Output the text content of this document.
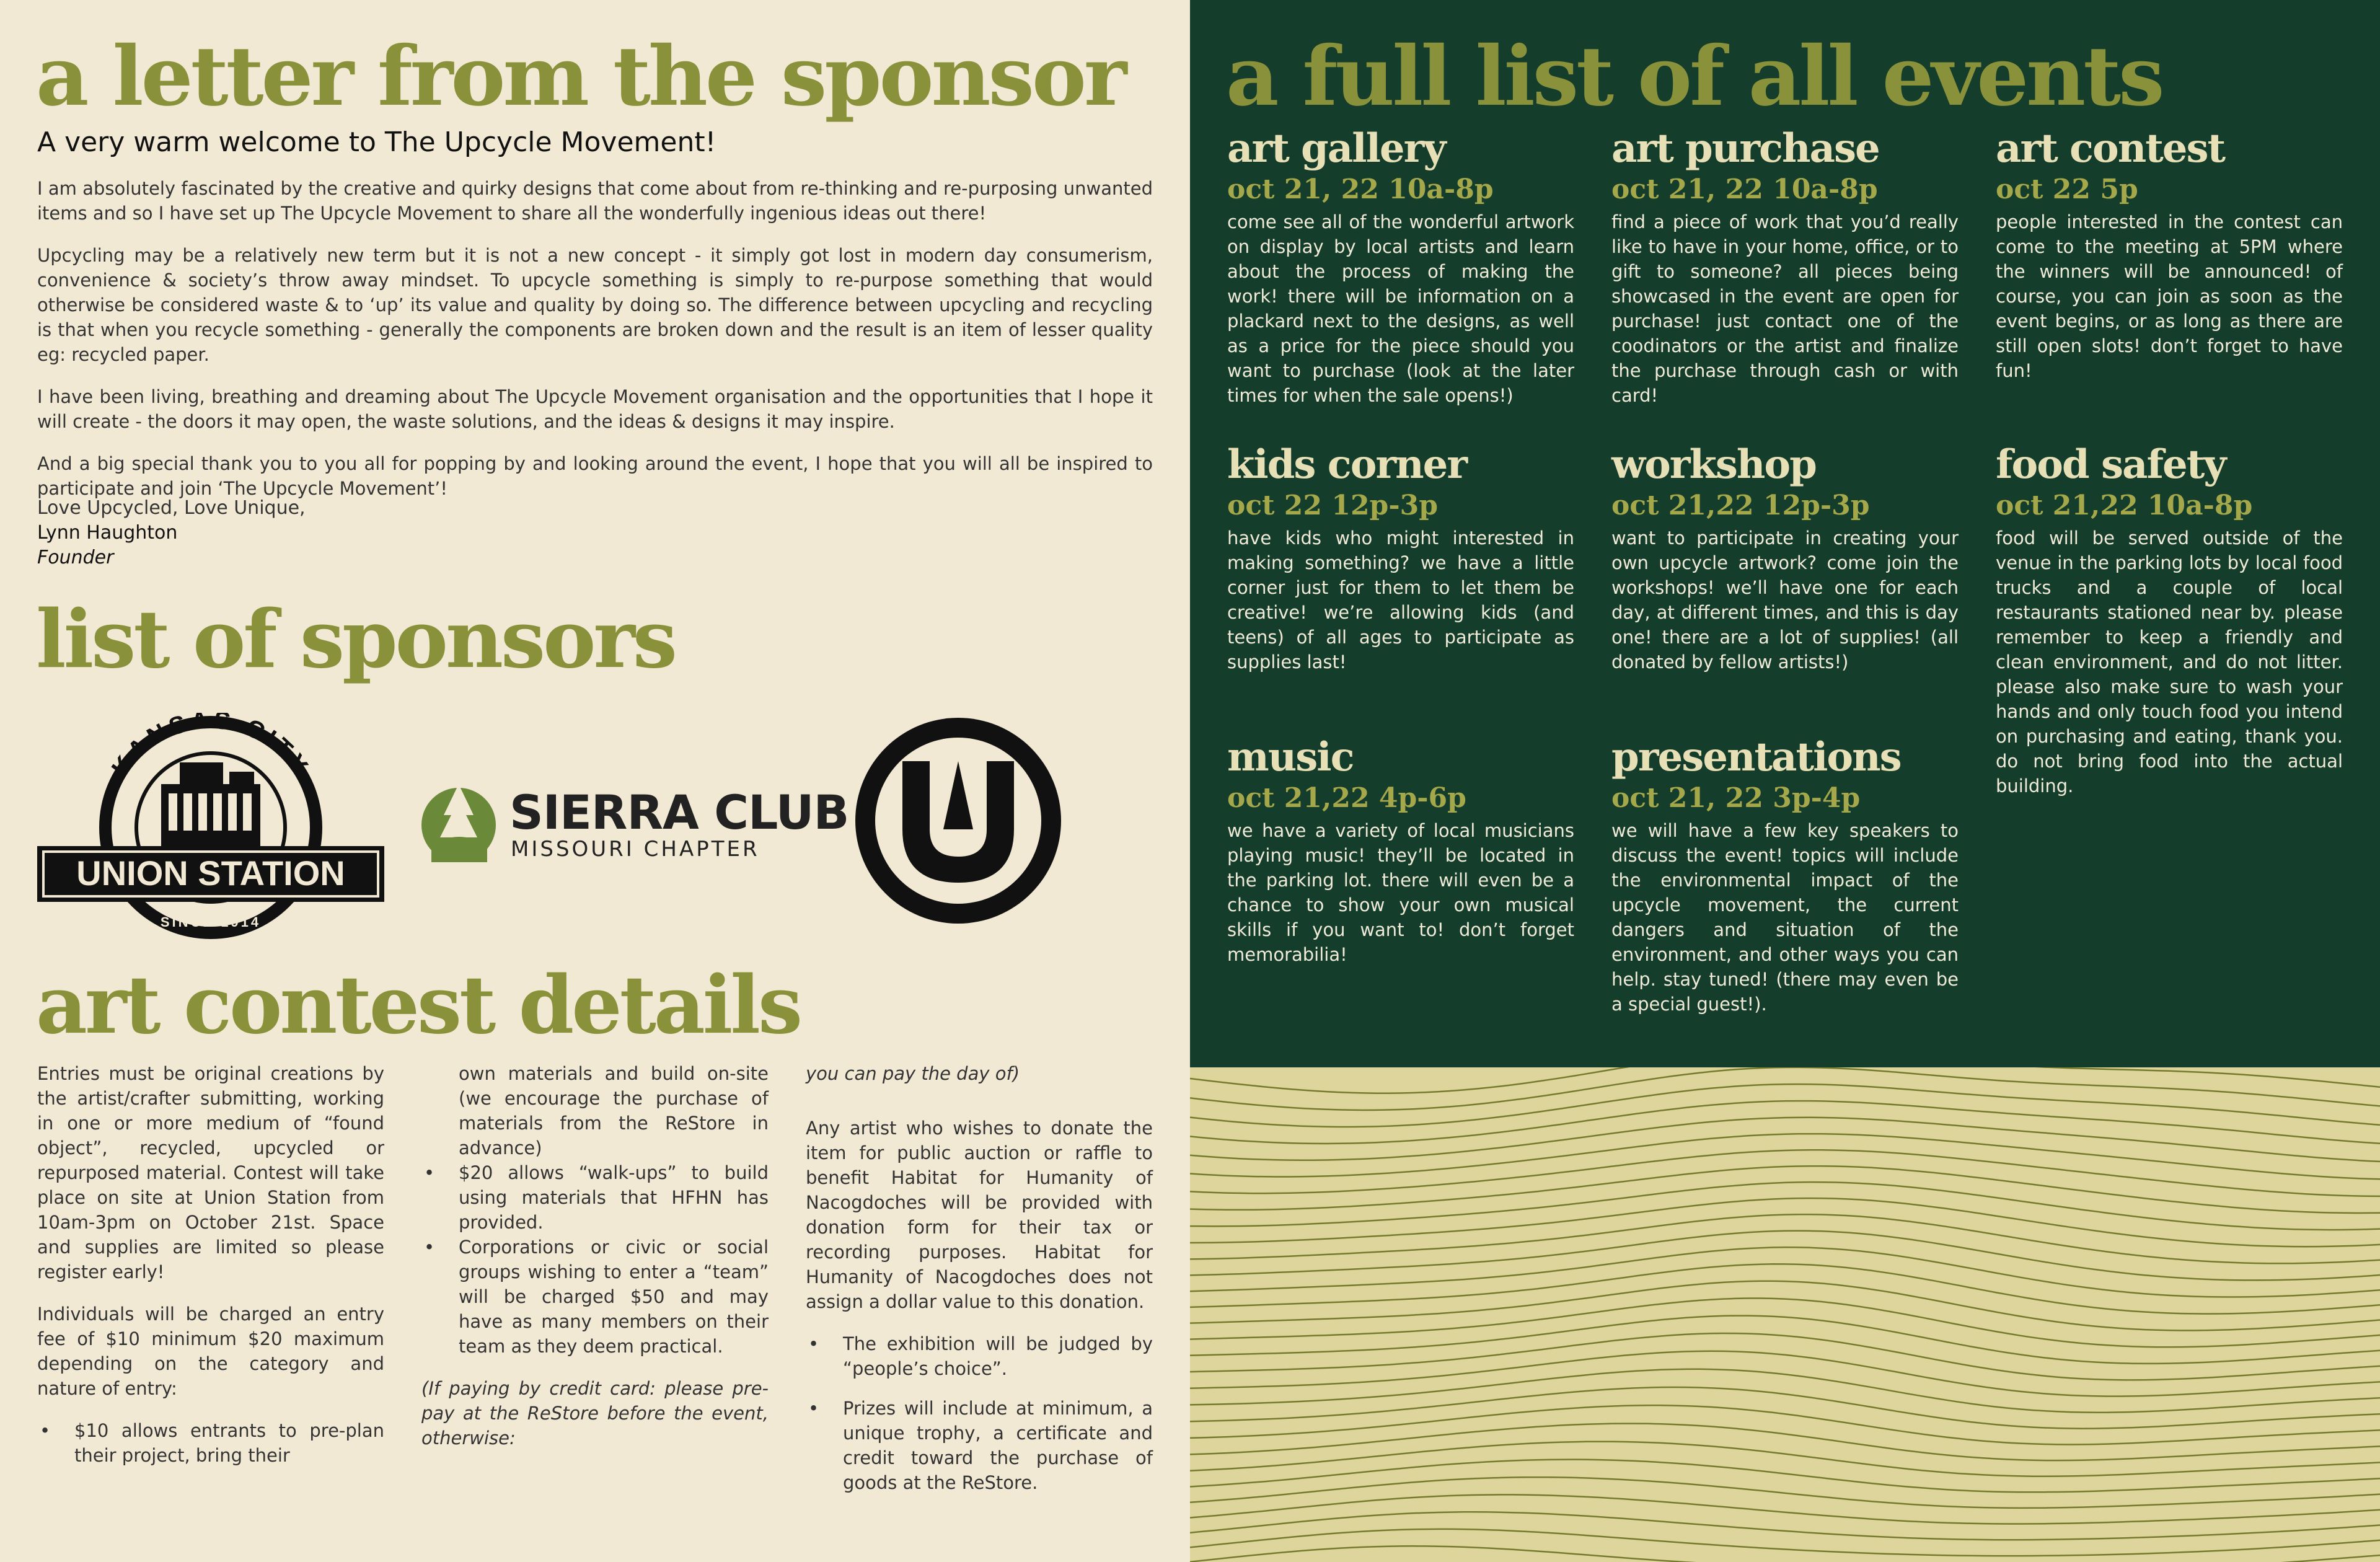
a letter from the sponsor
A very warm welcome to The Upcycle Movement!

I am absolutely fascinated by the creative and quirky designs that come about from re-thinking and re-purposing unwanted items and so I have set up The Upcycle Movement to share all the wonderfully ingenious ideas out there!

Upcycling may be a relatively new term but it is not a new concept - it simply got lost in modern day consumerism, convenience & society’s throw away mindset. To upcycle something is simply to re-purpose something that would otherwise be considered waste & to ‘up’ its value and quality by doing so. The difference between upcycling and recycling is that when you recycle something - generally the components are broken down and the result is an item of lesser quality eg: recycled paper.

I have been living, breathing and dreaming about The Upcycle Movement organisation and the opportunities that I hope it will create - the doors it may open, the waste solutions, and the ideas & designs it may inspire.

And a big special thank you to you all for popping by and looking around the event, I hope that you will all be inspired to participate and join ‘The Upcycle Movement’!

Love Upcycled, Love Unique,
Lynn Haughton
Founder
list of sponsors
KANSAS CITY
UNION STATION
SINCE 1914
SIERRA CLUB
MISSOURI CHAPTER
art contest details

Entries must be original creations by the artist/crafter submitting, working in one or more medium of “found object”, recycled, upcycled or repurposed material. Contest will take place on site at Union Station from 10am-3pm on October 21st. Space and supplies are limited so please register early!

Individuals will be charged an entry fee of $10 minimum $20 maximum depending on the category and nature of entry:

• $10 allows entrants to pre-plan their project, bring their
own materials and build on-site (we encourage the purchase of materials from the ReStore in advance)
• $20 allows “walk-ups” to build using materials that HFHN has provided.
• Corporations or civic or social groups wishing to enter a “team” will be charged $50 and may have as many members on their team as they deem practical.

(If paying by credit card: please pre-pay at the ReStore before the event, otherwise:

you can pay the day of)

Any artist who wishes to donate the item for public auction or raffle to benefit Habitat for Humanity of Nacogdoches will be provided with donation form for their tax or recording purposes. Habitat for Humanity of Nacogdoches does not assign a dollar value to this donation.

• The exhibition will be judged by “people’s choice”.
• Prizes will include at minimum, a unique trophy, a certificate and credit toward the purchase of goods at the ReStore.
a full list of all events
art gallery
oct 21, 22 10a-8p

come see all of the wonderful artwork on display by local artists and learn about the process of making the work! there will be information on a plackard next to the designs, as well as a price for the piece should you want to purchase (look at the later times for when the sale opens!)

art purchase
oct 21, 22 10a-8p

find a piece of work that you’d really like to have in your home, office, or to gift to someone? all pieces being showcased in the event are open for purchase! just contact one of the coodinators or the artist and finalize the purchase through cash or with card!

art contest
oct 22 5p

people interested in the contest can come to the meeting at 5PM where the winners will be announced! of course, you can join as soon as the event begins, or as long as there are still open slots! don’t forget to have fun!

kids corner
oct 22 12p-3p

have kids who might interested in making something? we have a little corner just for them to let them be creative! we’re allowing kids (and teens) of all ages to participate as supplies last!

workshop
oct 21,22 12p-3p

want to participate in creating your own upcycle artwork? come join the workshops! we’ll have one for each day, at different times, and this is day one! there are a lot of supplies! (all donated by fellow artists!)

food safety
oct 21,22 10a-8p

food will be served outside of the venue in the parking lots by local food trucks and a couple of local restaurants stationed near by. please remember to keep a friendly and clean environment, and do not litter. please also make sure to wash your hands and only touch food you intend on purchasing and eating, thank you. do not bring food into the actual building.

music
oct 21,22 4p-6p

we have a variety of local musicians playing music! they’ll be located in the parking lot. there will even be a chance to show your own musical skills if you want to! don’t forget memorabilia!

presentations
oct 21, 22 3p-4p

we will have a few key speakers to discuss the event! topics will include the environmental impact of the upcycle movement, the current dangers and situation of the environment, and other ways you can help. stay tuned! (there may even be a special guest!).
